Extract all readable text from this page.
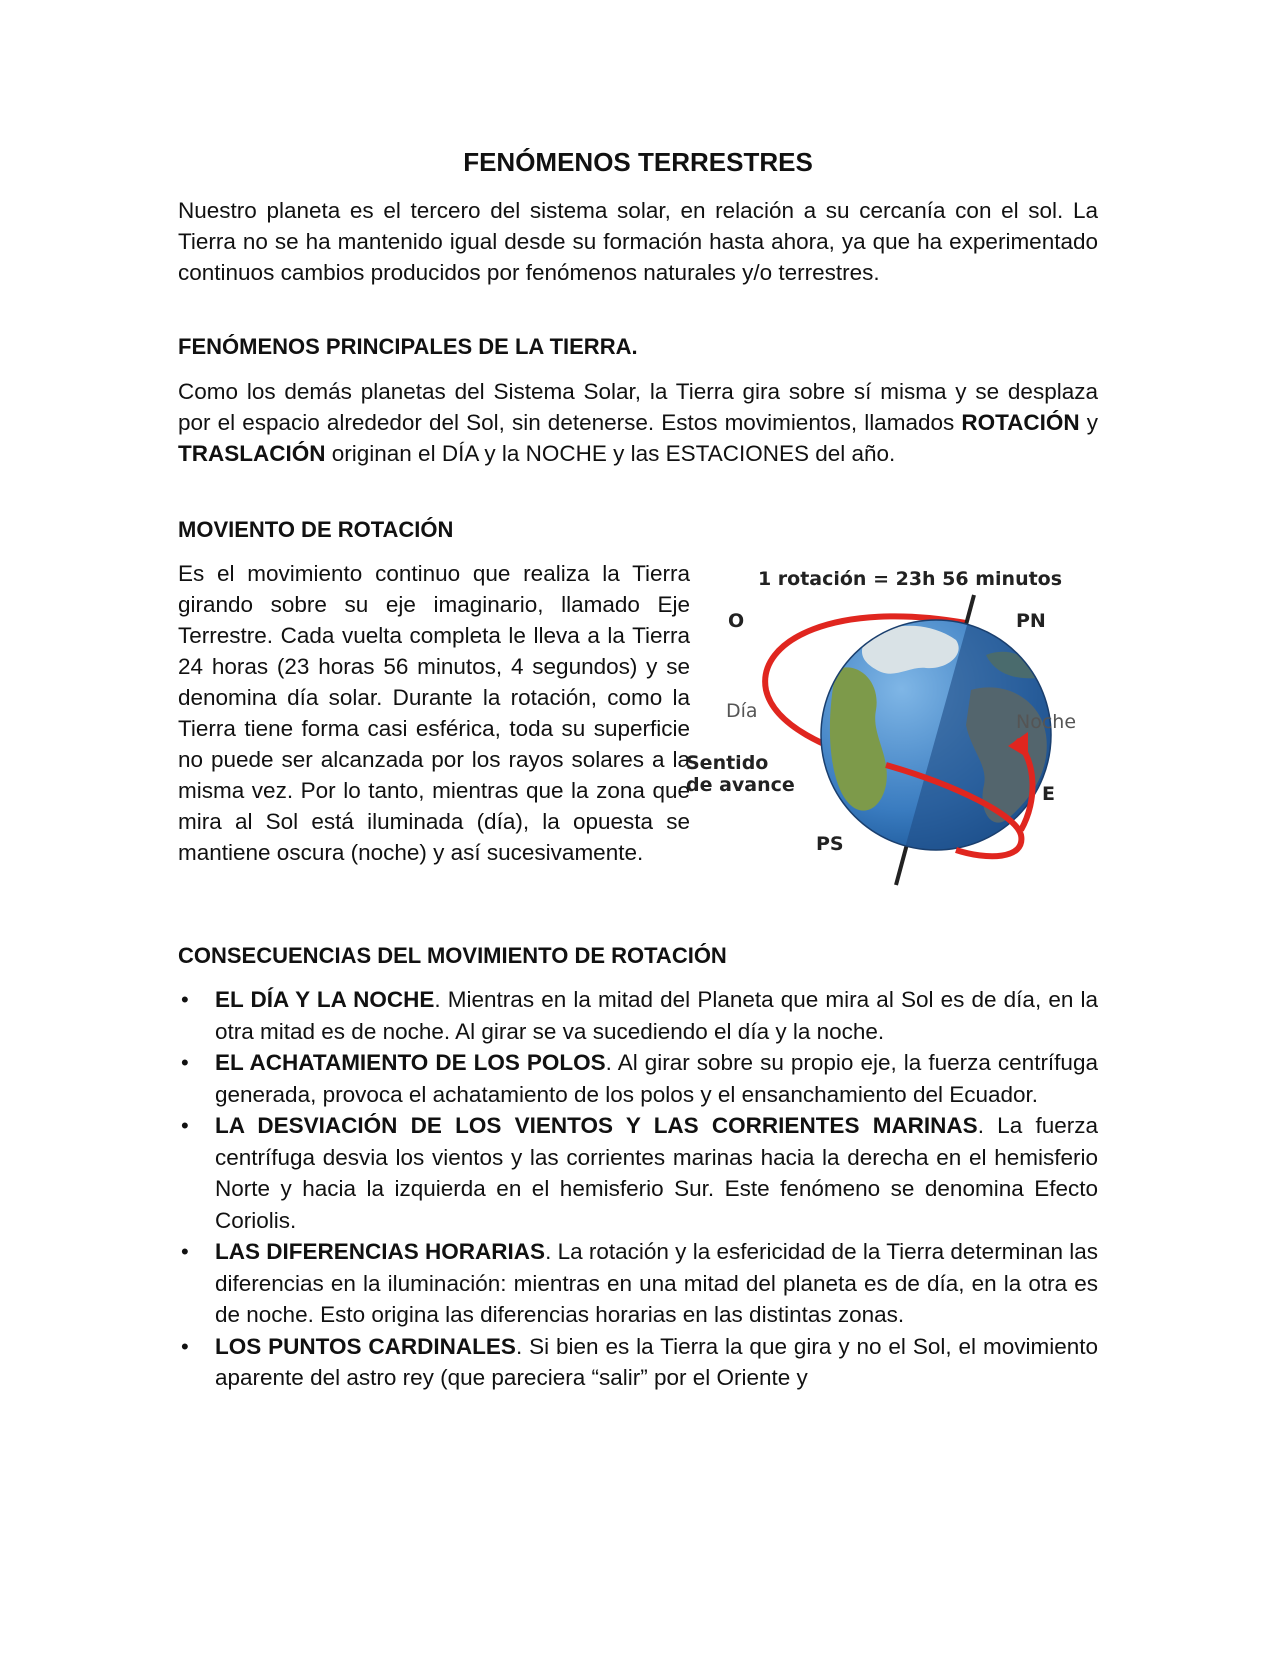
FENÓMENOS TERRESTRES

Nuestro planeta es el tercero del sistema solar, en relación a su cercanía con el sol. La Tierra no se ha mantenido igual desde su formación hasta ahora, ya que ha experimentado continuos cambios producidos por fenómenos naturales y/o terrestres.

FENÓMENOS PRINCIPALES DE LA TIERRA.

Como los demás planetas del Sistema Solar, la Tierra gira sobre sí misma y se desplaza por el espacio alrededor del Sol, sin detenerse. Estos movimientos, llamados ROTACIÓN y TRASLACIÓN originan el DÍA y la NOCHE y las ESTACIONES del año.

MOVIENTO DE ROTACIÓN

Es el movimiento continuo que realiza la Tierra girando sobre su eje imaginario, llamado Eje Terrestre. Cada vuelta completa le lleva a la Tierra 24 horas (23 horas 56 minutos, 4 segundos) y se denomina día solar. Durante la rotación, como la Tierra tiene forma casi esférica, toda su superficie no puede ser alcanzada por los rayos solares a la misma vez. Por lo tanto, mientras que la zona que mira al Sol está iluminada (día), la opuesta se mantiene oscura (noche) y así sucesivamente.

1 rotación = 23h 56 minutos
O	PN
Día	Noche
Sentido
de avance	E
PS
CONSECUENCIAS DEL MOVIMIENTO DE ROTACIÓN
• EL DÍA Y LA NOCHE. Mientras en la mitad del Planeta que mira al Sol es de día, en la otra mitad es de noche. Al girar se va sucediendo el día y la noche.
• EL ACHATAMIENTO DE LOS POLOS. Al girar sobre su propio eje, la fuerza centrífuga generada, provoca el achatamiento de los polos y el ensanchamiento del Ecuador.
• LA DESVIACIÓN DE LOS VIENTOS Y LAS CORRIENTES MARINAS. La fuerza centrífuga desvia los vientos y las corrientes marinas hacia la derecha en el hemisferio Norte y hacia la izquierda en el hemisferio Sur. Este fenómeno se denomina Efecto Coriolis.
• LAS DIFERENCIAS HORARIAS. La rotación y la esfericidad de la Tierra determinan las diferencias en la iluminación: mientras en una mitad del planeta es de día, en la otra es de noche. Esto origina las diferencias horarias en las distintas zonas.
• LOS PUNTOS CARDINALES. Si bien es la Tierra la que gira y no el Sol, el movimiento aparente del astro rey (que pareciera “salir” por el Oriente y
